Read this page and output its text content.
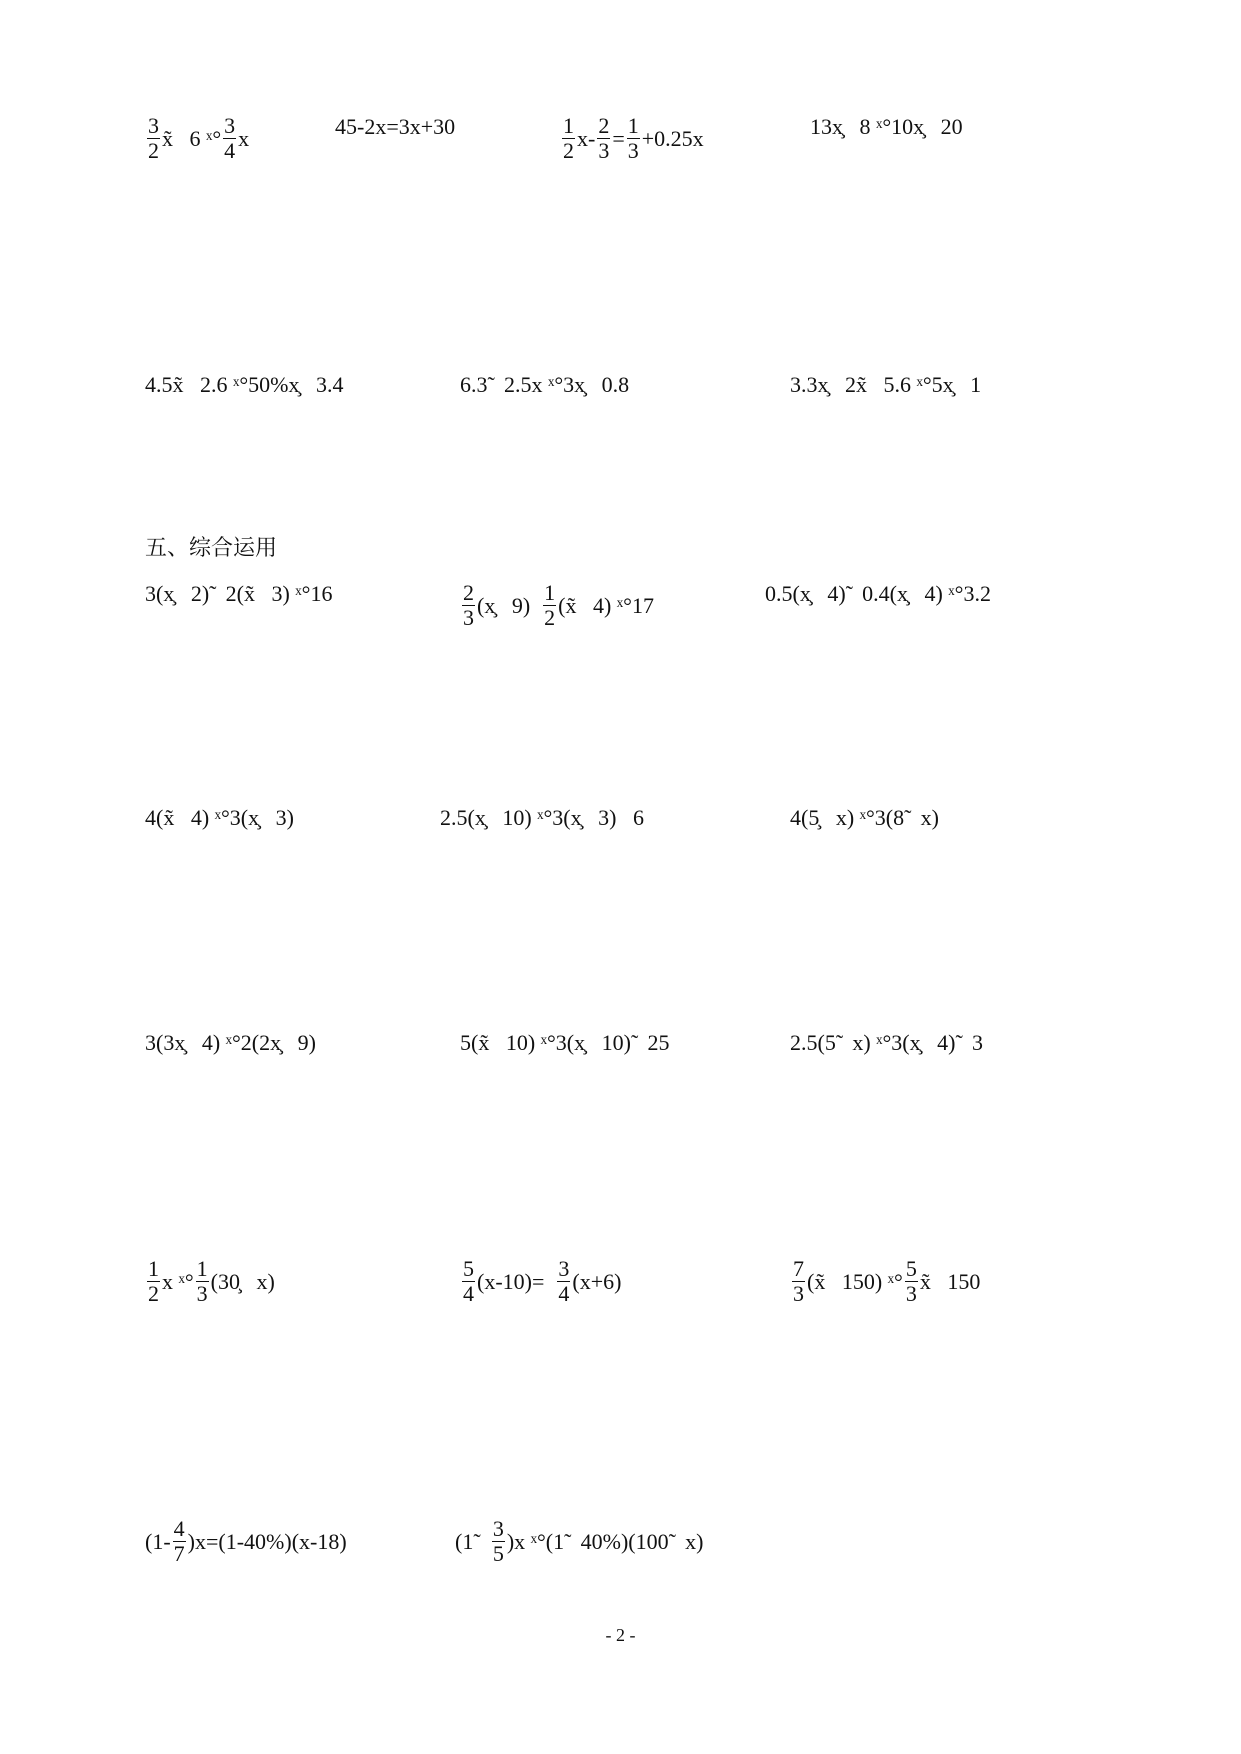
五、综合运用
- 2 -
$\frac{3}{2}$ x̃   6 ˣ° $\frac{3}{4}$ x	45-2x=3x+30	$\frac{1}{2} x- \frac{2}{3} = \frac{1}{3} +0.25x$	13x̧   8 ˣ°10x̧   20
4.5x̃   2.6 ˣ°50%x̧   3.4	6.3̃   2.5x ˣ°3x̧   0.8	3.3x̧   2x̃   5.6 ˣ°5x̧   1
3(x̧   2)̃   2(x̃   3) ˣ°16	$\frac{2}{3}$ (x̧   $9) \frac{1}{2}$ (x̃   4) ˣ°17	0.5(x̧   4)̃   0.4(x̧   4) ˣ°3.2
4(x̃   4) ˣ°3(x̧   3)	2.5(x̧   10) ˣ°3(x̧   3)   6	4(5̧   x) ˣ°3(8̃   x)
3(3x̧   4) ˣ°2(2x̧   9)	5(x̃   10) ˣ°3(x̧   10)̃   25	2.5(5̃   x) ˣ°3(x̧   4)̃   3
$\frac{1}{2}$ x ˣ° $\frac{1}{3}$ (30̧   x)	$\frac{5}{4} (x-10)= \frac{3}{4} (x+6)$	$\frac{7}{3}$ (x̃   150) ˣ° $\frac{5}{3}$ x̃   150
$(1- \frac{4}{7} )x=(1-40\%)(x-18)$	(1̃ $\frac{3}{5} )x$ ˣ°(1̃   40%)(100̃   x)
